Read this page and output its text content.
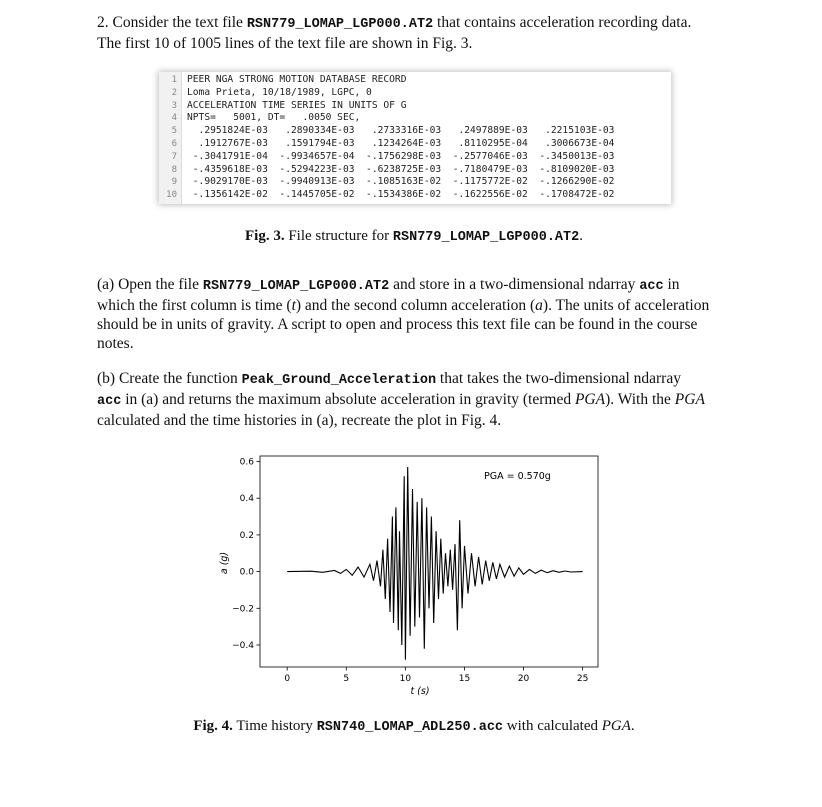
2. Consider the text file RSN779_LOMAP_LGP000.AT2 that contains acceleration recording data.
The first 10 of 1005 lines of the text file are shown in Fig. 3.
1
2
3
4
5
6
7
8
9
10
PEER NGA STRONG MOTION DATABASE RECORD
Loma Prieta, 10/18/1989, LGPC, 0
ACCELERATION TIME SERIES IN UNITS OF G
NPTS=   5001, DT=   .0050 SEC,
.2951824E-03   .2890334E-03   .2733316E-03   .2497889E-03   .2215103E-03
.1912767E-03   .1591794E-03   .1234264E-03   .8110295E-04   .3006673E-04
-.3041791E-04  -.9934657E-04  -.1756298E-03  -.2577046E-03  -.3450013E-03
-.4359618E-03  -.5294223E-03  -.6238725E-03  -.7180479E-03  -.8109020E-03
-.9029170E-03  -.9940913E-03  -.1085163E-02  -.1175772E-02  -.1266290E-02
-.1356142E-02  -.1445705E-02  -.1534386E-02  -.1622556E-02  -.1708472E-02
Fig. 3. File structure for RSN779_LOMAP_LGP000.AT2.
(a) Open the file RSN779_LOMAP_LGP000.AT2 and store in a two-dimensional ndarray acc in
which the first column is time (t) and the second column acceleration (a). The units of acceleration
should be in units of gravity. A script to open and process this text file can be found in the course
notes.
(b) Create the function Peak_Ground_Acceleration that takes the two-dimensional ndarray
acc in (a) and returns the maximum absolute acceleration in gravity (termed PGA). With the PGA
calculated and the time histories in (a), recreate the plot in Fig. 4.
0	5	10	15	20	25
−0.4
−0.2
0.0
0.2
0.4
0.6
PGA = 0.570g
t (s)
a (g)
Fig. 4. Time history RSN740_LOMAP_ADL250.acc with calculated PGA.
